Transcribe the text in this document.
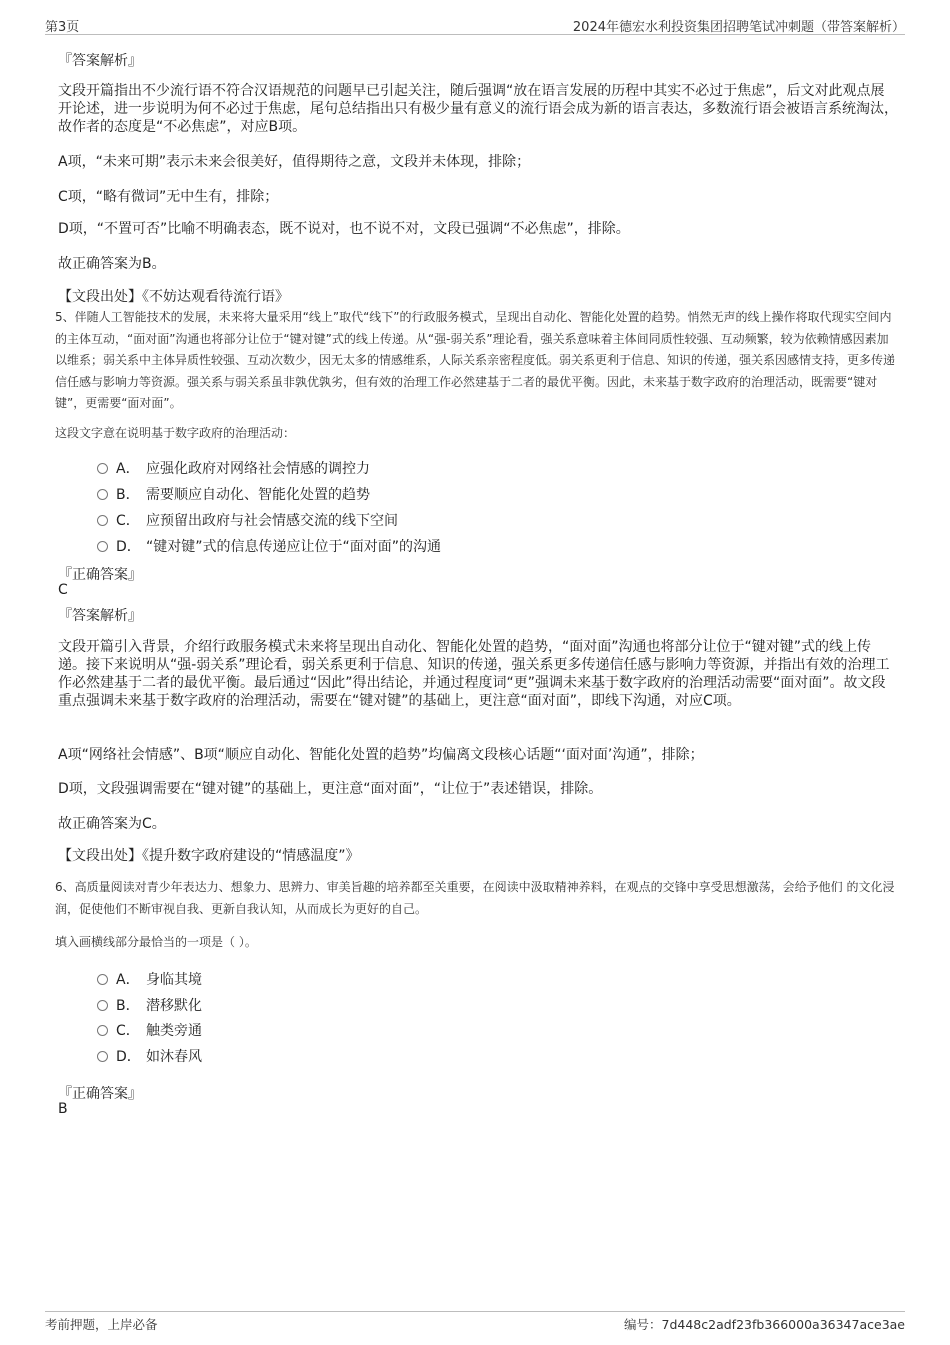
第3页	2024年德宏水利投资集团招聘笔试冲刺题（带答案解析）

『答案解析』

文段开篇指出不少流行语不符合汉语规范的问题早已引起关注，随后强调“放在语言发展的历程中其实不必过于焦虑”，后文对此观点展开论述，进一步说明为何不必过于焦虑，尾句总结指出只有极少量有意义的流行语会成为新的语言表达，多数流行语会被语言系统淘汰，故作者的态度是“不必焦虑”，对应B项。

A项，“未来可期”表示未来会很美好，值得期待之意，文段并未体现，排除；

C项，“略有微词”无中生有，排除；

D项，“不置可否”比喻不明确表态，既不说对，也不说不对，文段已强调“不必焦虑”，排除。

故正确答案为B。

【文段出处】《不妨达观看待流行语》

5、伴随人工智能技术的发展，未来将大量采用“线上”取代“线下”的行政服务模式，呈现出自动化、智能化处置的趋势。悄然无声的线上操作将取代现实空间内的主体互动，“面对面”沟通也将部分让位于“键对键”式的线上传递。从“强-弱关系”理论看，强关系意味着主体间同质性较强、互动频繁，较为依赖情感因素加以维系；弱关系中主体异质性较强、互动次数少，因无太多的情感维系，人际关系亲密程度低。弱关系更利于信息、知识的传递，强关系因感情支持，更多传递信任感与影响力等资源。强关系与弱关系虽非孰优孰劣，但有效的治理工作必然建基于二者的最优平衡。因此，未来基于数字政府的治理活动，既需要“键对键”，更需要“面对面”。

这段文字意在说明基于数字政府的治理活动：

A． 应强化政府对网络社会情感的调控力
B． 需要顺应自动化、智能化处置的趋势
C． 应预留出政府与社会情感交流的线下空间
D． “键对键”式的信息传递应让位于“面对面”的沟通

『正确答案』

C

『答案解析』

文段开篇引入背景，介绍行政服务模式未来将呈现出自动化、智能化处置的趋势，“面对面”沟通也将部分让位于“键对键”式的线上传递。接下来说明从“强-弱关系”理论看，弱关系更利于信息、知识的传递，强关系更多传递信任感与影响力等资源，并指出有效的治理工作必然建基于二者的最优平衡。最后通过“因此”得出结论，并通过程度词“更”强调未来基于数字政府的治理活动需要“面对面”。故文段重点强调未来基于数字政府的治理活动，需要在“键对键”的基础上，更注意“面对面”，即线下沟通，对应C项。

A项“网络社会情感”、B项“顺应自动化、智能化处置的趋势”均偏离文段核心话题“‘面对面’沟通”，排除；

D项，文段强调需要在“键对键”的基础上，更注意“面对面”，“让位于”表述错误，排除。

故正确答案为C。

【文段出处】《提升数字政府建设的“情感温度”》

6、高质量阅读对青少年表达力、想象力、思辨力、审美旨趣的培养都至关重要，在阅读中汲取精神养料，在观点的交锋中享受思想激荡，会给予他们 的文化浸润，促使他们不断审视自我、更新自我认知，从而成长为更好的自己。

填入画横线部分最恰当的一项是（ ）。

A． 身临其境
B． 潜移默化
C． 触类旁通
D． 如沐春风

『正确答案』

B

考前押题，上岸必备	编号：7d448c2adf23fb366000a36347ace3ae
